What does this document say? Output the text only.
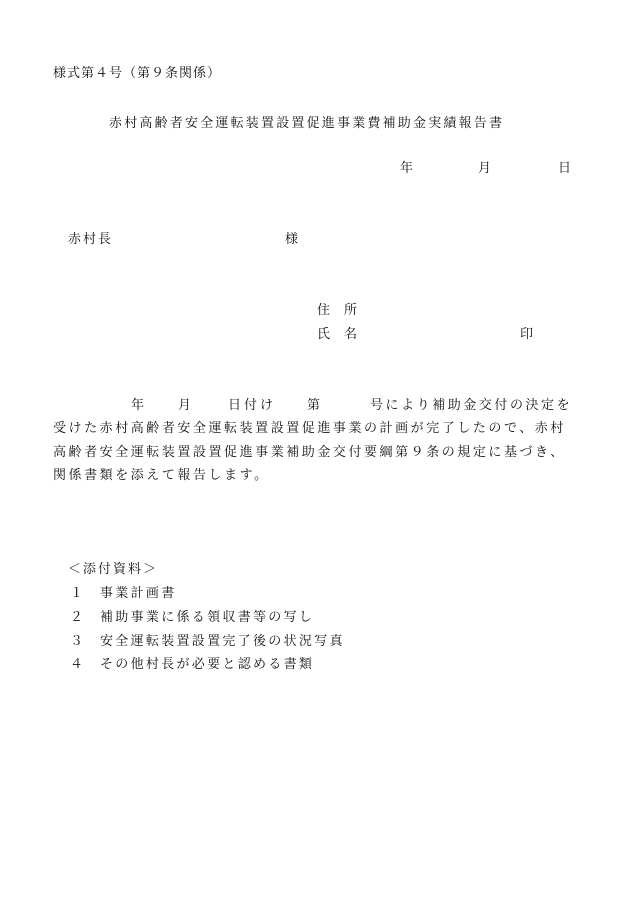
様式第４号（第９条関係）
赤村高齢者安全運転装置設置促進事業費補助金実績報告書
年	月	日
赤村長	様
住所
氏名	印
年	月	日付け 第	号により補助金交付の決定を
受けた赤村高齢者安全運転装置設置促進事業の計画が完了したので、赤村
高齢者安全運転装置設置促進事業補助金交付要綱第９条の規定に基づき、
関係書類を添えて報告します。
＜添付資料＞
１ 事業計画書
２ 補助事業に係る領収書等の写し
３ 安全運転装置設置完了後の状況写真
４ その他村長が必要と認める書類
